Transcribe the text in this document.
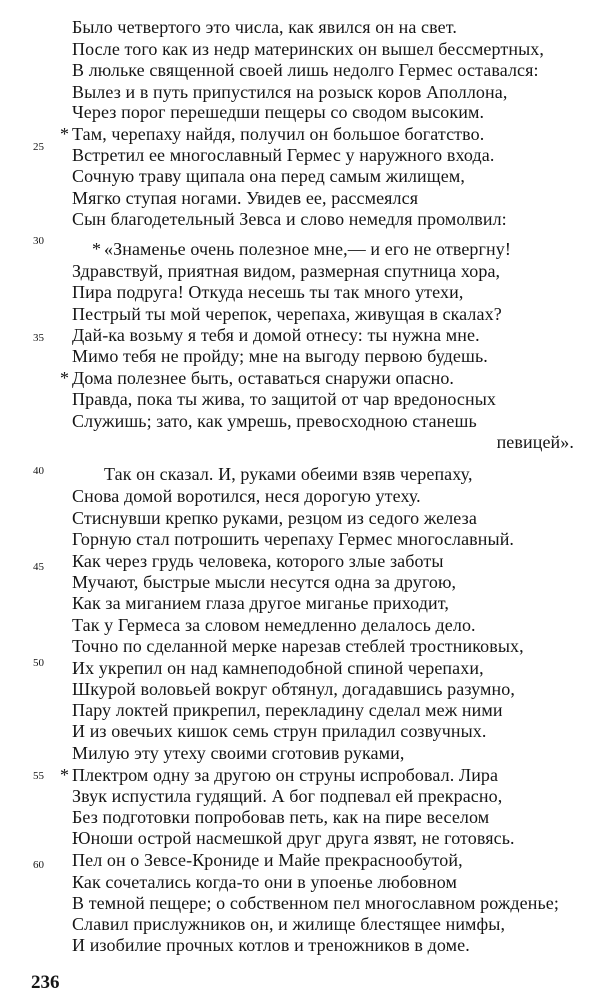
Было четвертого это числа, как явился он на свет.
После того как из недр материнских он вышел бессмертных,
В люльке священной своей лишь недолго Гермес оставался:
Вылез и в путь припустился на розыск коров Аполлона,
Через порог перешедши пещеры со сводом высоким.
* Там, черепаху найдя, получил он большое богатство.
25 Встретил ее многославный Гермес у наружного входа.
Сочную траву щипала она перед самым жилищем,
Мягко ступая ногами. Увидев ее, рассмеялся
Сын благодетельный Зевса и слово немедля промолвил:
30	* «Знаменье очень полезное мне,— и его не отвергну!
Здравствуй, приятная видом, размерная спутница хора,
Пира подруга! Откуда несешь ты так много утехи,
Пестрый ты мой черепок, черепаха, живущая в скалах?
Дай-ка возьму я тебя и домой отнесу: ты нужна мне.
35
Мимо тебя не пройду; мне на выгоду первою будешь.
* Дома полезнее быть, оставаться снаружи опасно.
Правда, пока ты жива, то защитой от чар вредоносных
Служишь; зато, как умрешь, превосходною станешь
певицей».
Так он сказал. И, руками обеими взяв черепаху,
40
Снова домой воротился, неся дорогую утеху.
Стиснувши крепко руками, резцом из седого железа
Горную стал потрошить черепаху Гермес многославный.
Как через грудь человека, которого злые заботы
Мучают, быстрые мысли несутся одна за другою,
45
Как за миганием глаза другое миганье приходит,
Так у Гермеса за словом немедленно делалось дело.
Точно по сделанной мерке нарезав стеблей тростниковых,
Их укрепил он над камнеподобной спиной черепахи,
Шкурой воловьей вокруг обтянул, догадавшись разумно,
50
Пару локтей прикрепил, перекладину сделал меж ними
И из овечьих кишок семь струн приладил созвучных.
Милую эту утеху своими сготовив руками,
* Плектром одну за другою он струны испробовал. Лира
Звук испустила гудящий. А бог подпевал ей прекрасно,
55
Без подготовки попробовав петь, как на пире веселом
Юноши острой насмешкой друг друга язвят, не готовясь.
Пел он о Зевсе-Крониде и Майе прекраснообутой,
Как сочетались когда-то они в упоенье любовном
60
В темной пещере; о собственном пел многославном рожденье;
Славил прислужников он, и жилище блестящее нимфы,
И изобилие прочных котлов и треножников в доме.
236
